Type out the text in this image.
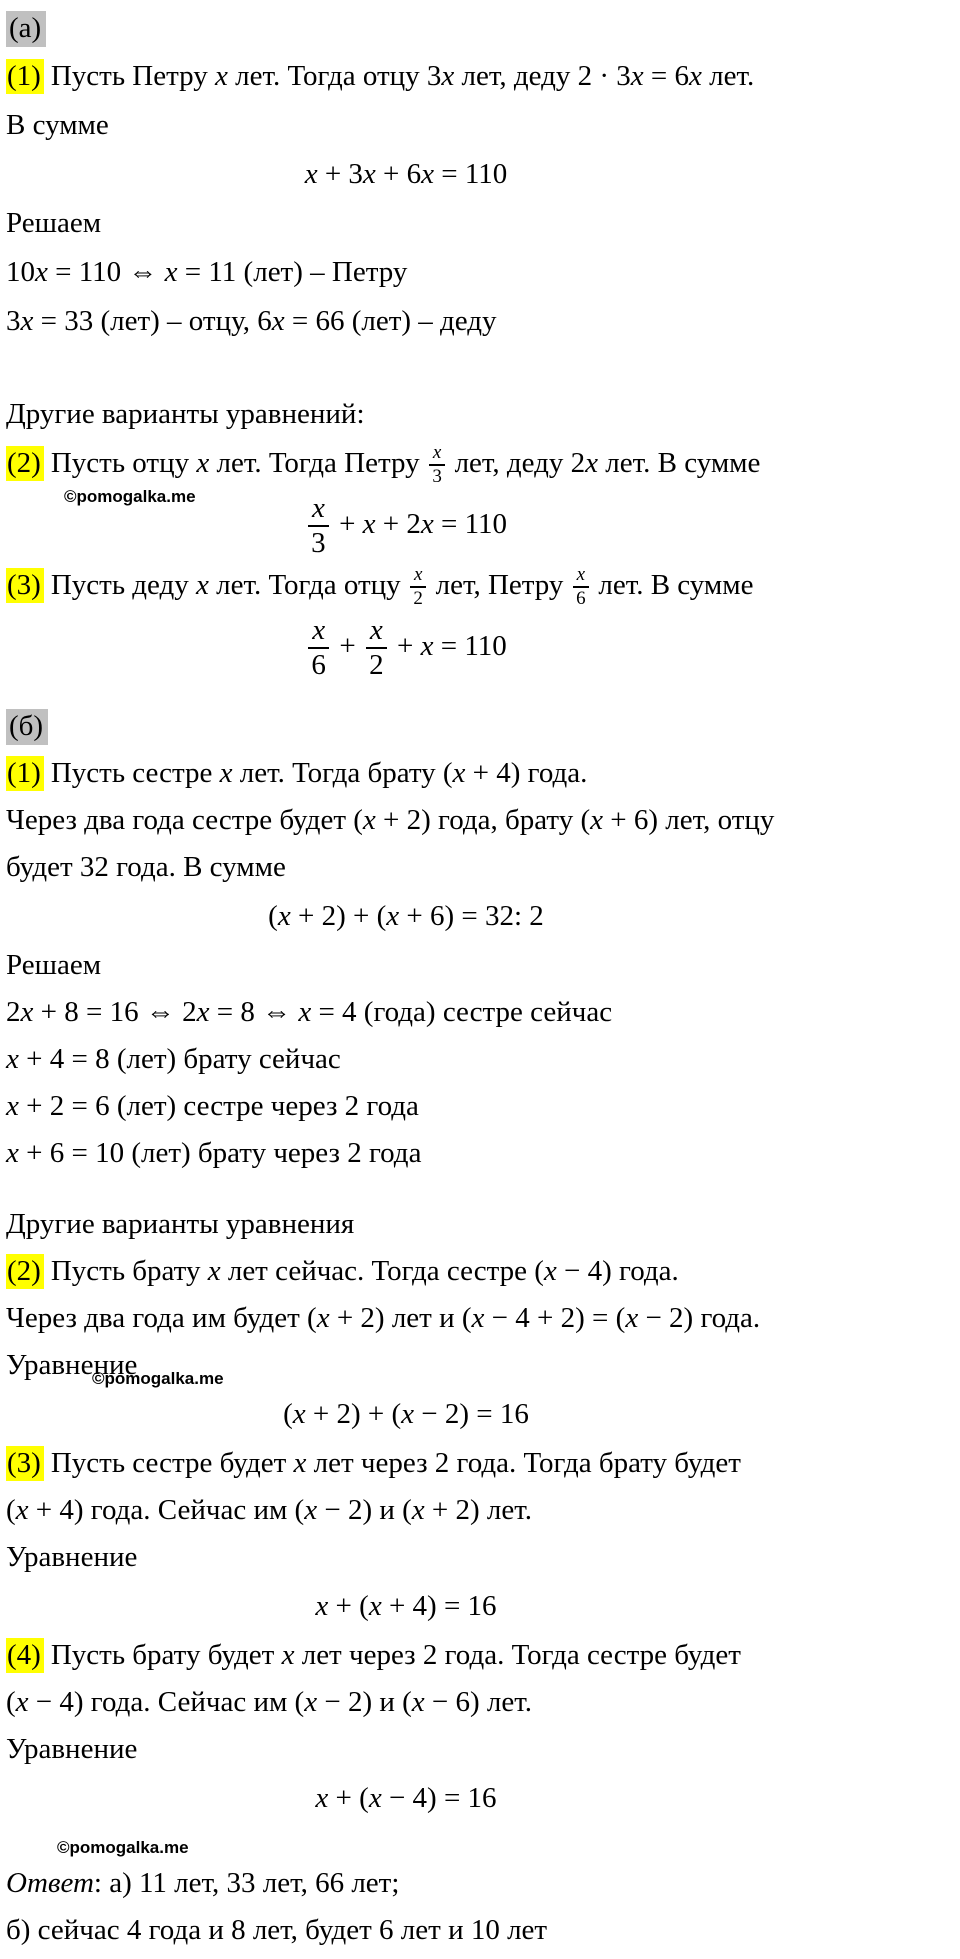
(а)
(1) Пусть Петру x лет. Тогда отцу 3x лет, деду 2 · 3x = 6x лет.
В сумме
x + 3x + 6x = 110
Решаем
10x = 110 ⇔ x = 11 (лет) – Петру
3x = 33 (лет) – отцу, 6x = 66 (лет) – деду
Другие варианты уравнений:
(2) Пусть отцу x лет. Тогда Петру $\frac{x}{3}$ лет, деду 2x лет. В сумме
$\frac{x}{3} + x + 2x = 110$
(3) Пусть деду x лет. Тогда отцу $\frac{x}{2}$ лет, Петру $\frac{x}{6}$ лет. В сумме
$\frac{x}{6} + \frac{x}{2} + x = 110$
(б)
(1) Пусть сестре x лет. Тогда брату (x + 4) года.
Через два года сестре будет (x + 2) года, брату (x + 6) лет, отцу
будет 32 года. В сумме
(x + 2) + (x + 6) = 32: 2
Решаем
2x + 8 = 16 ⇔ 2x = 8 ⇔ x = 4 (года) сестре сейчас
x + 4 = 8 (лет) брату сейчас
x + 2 = 6 (лет) сестре через 2 года
x + 6 = 10 (лет) брату через 2 года
Другие варианты уравнения
(2) Пусть брату x лет сейчас. Тогда сестре (x − 4) года.
Через два года им будет (x + 2) лет и (x − 4 + 2) = (x − 2) года.
Уравнение
(x + 2) + (x − 2) = 16
(3) Пусть сестре будет x лет через 2 года. Тогда брату будет
(x + 4) года. Сейчас им (x − 2) и (x + 2) лет.
Уравнение
x + (x + 4) = 16
(4) Пусть брату будет x лет через 2 года. Тогда сестре будет
(x − 4) года. Сейчас им (x − 2) и (x − 6) лет.
Уравнение
x + (x − 4) = 16
Ответ: а) 11 лет, 33 лет, 66 лет;
б) сейчас 4 года и 8 лет, будет 6 лет и 10 лет
©pomogalka.me
©pomogalka.me
©pomogalka.me
